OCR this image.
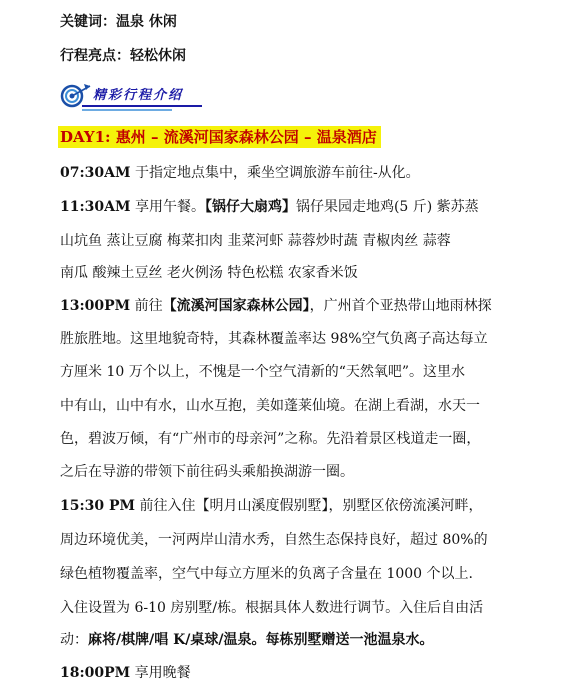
关键词：温泉 休闲
行程亮点：轻松休闲
精彩行程介绍
DAY1: 惠州 – 流溪河国家森林公园 – 温泉酒店
07:30AM 于指定地点集中，乘坐空调旅游车前往-从化。
11:30AM 享用午餐。【锅仔大扇鸡】锅仔果园走地鸡(5 斤) 紫苏蒸
山坑鱼 蒸让豆腐 梅菜扣肉 韭菜河虾 蒜蓉炒时蔬 青椒肉丝 蒜蓉
南瓜 酸辣土豆丝 老火例汤 特色松糕 农家香米饭
13:00PM 前往【流溪河国家森林公园】，广州首个亚热带山地雨林探
胜旅胜地。这里地貌奇特，其森林覆盖率达 98%空气负离子高达每立
方厘米 10 万个以上，不愧是一个空气清新的“天然氧吧”。这里水
中有山，山中有水，山水互抱，美如蓬莱仙境。在湖上看湖，水天一
色，碧波万倾，有“广州市的母亲河”之称。先沿着景区栈道走一圈，
之后在导游的带领下前往码头乘船换湖游一圈。
15:30 PM 前往入住【明月山溪度假别墅】，别墅区依傍流溪河畔，
周边环境优美，一河两岸山清水秀，自然生态保持良好，超过 80%的
绿色植物覆盖率，空气中每立方厘米的负离子含量在 1000 个以上.
入住设置为 6-10 房别墅/栋。根据具体人数进行调节。入住后自由活
动：麻将/棋牌/唱 K/桌球/温泉。每栋别墅赠送一池温泉水。
18:00PM 享用晚餐
